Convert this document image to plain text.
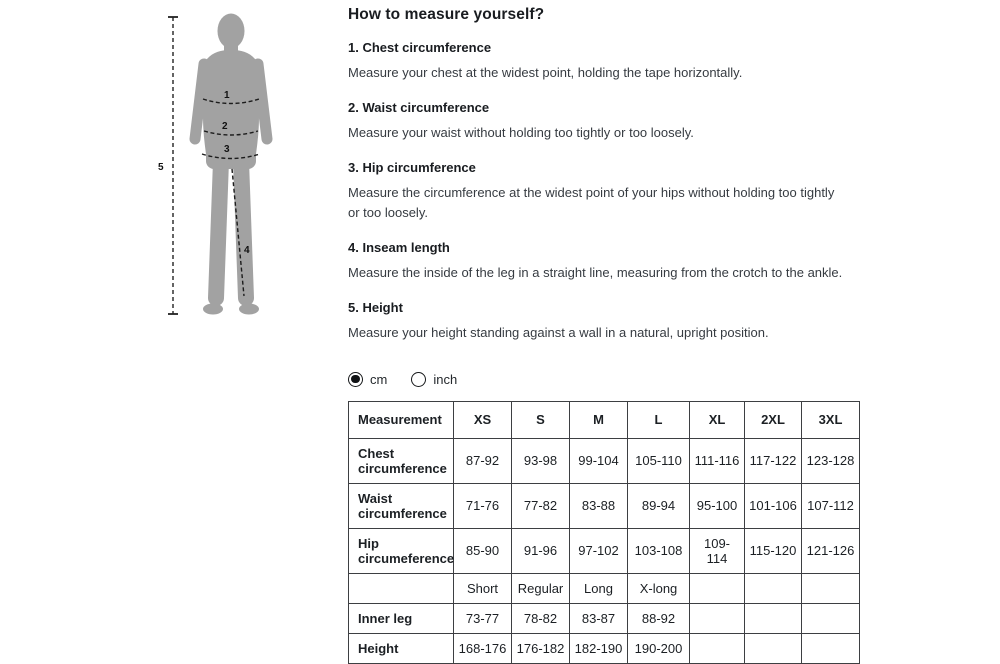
1
2
3
4
5
How to measure yourself?
1. Chest circumference

Measure your chest at the widest point, holding the tape horizontally.

2. Waist circumference

Measure your waist without holding too tightly or too loosely.

3. Hip circumference

Measure the circumference at the widest point of your hips without holding too tightly or too loosely.

4. Inseam length

Measure the inside of the leg in a straight line, measuring from the crotch to the ankle.

5. Height

Measure your height standing against a wall in a natural, upright position.

cm	inch
Measurement	XS	S	M	L	XL	2XL	3XL
Chest circumference	87-92	93-98	99-104	105-110	111-116	117-122	123-128
Waist circumference	71-76	77-82	83-88	89-94	95-100	101-106	107-112
Hip circumeference	85-90	91-96	97-102	103-108	109-114	115-120	121-126
	Short	Regular	Long	X-long			
Inner leg	73-77	78-82	83-87	88-92			
Height	168-176	176-182	182-190	190-200			
